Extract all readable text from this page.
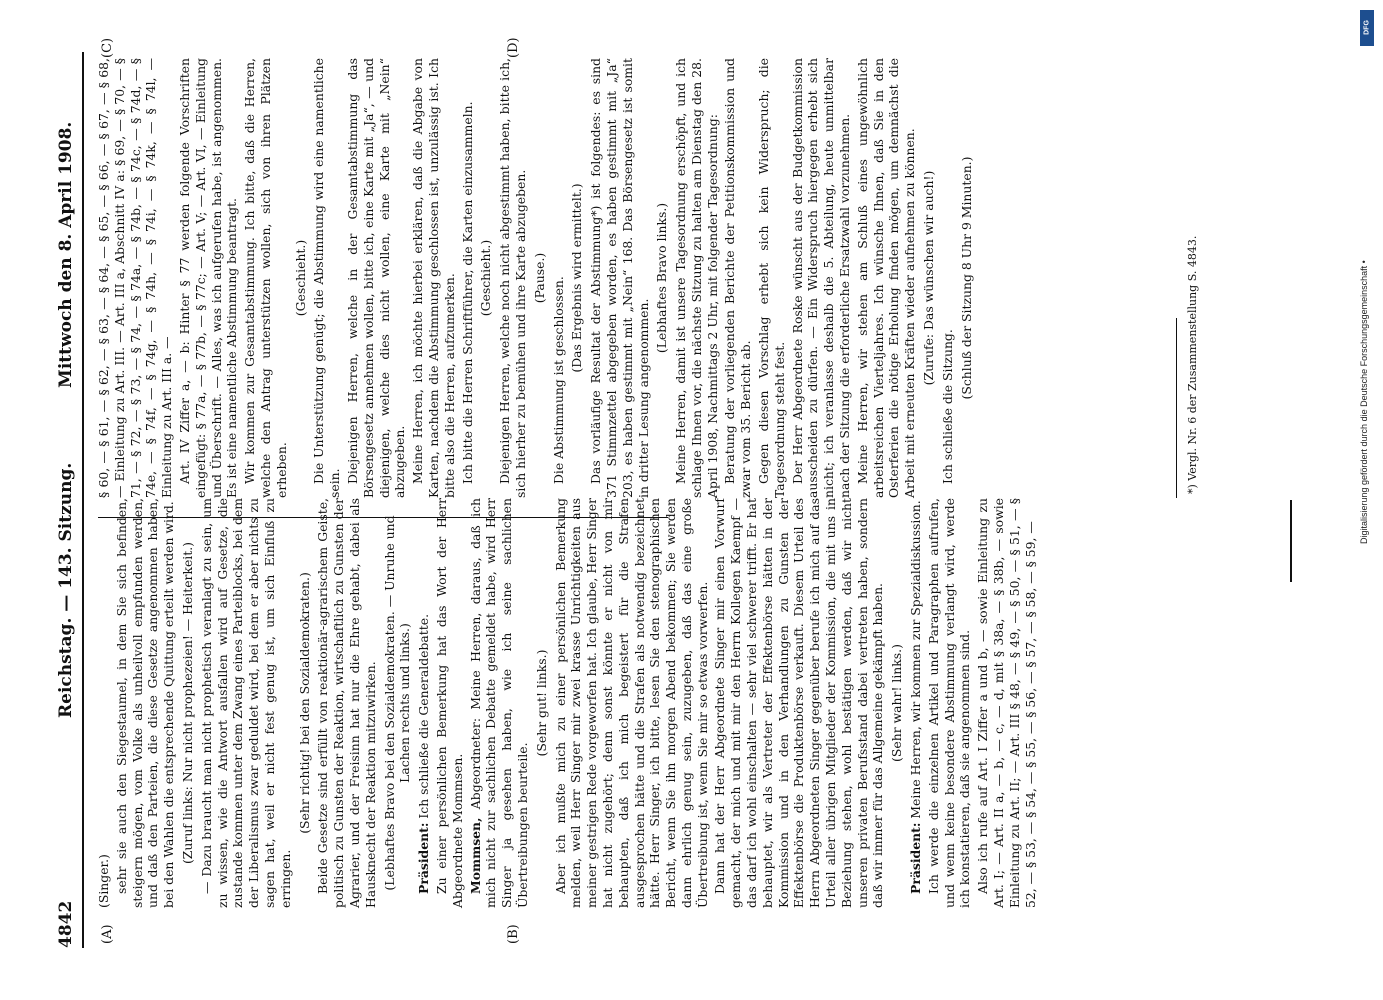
4842
Reichstag. — 143. Sitzung.
Mittwoch den 8. April 1908.
(A)	(B)
(C)	(D)

(Singer.) sehr sie auch den Siegestaumel, in dem Sie sich befinden, steigern mögen, vom Volke als unheilvoll empfunden werden, und daß den Parteien, die diese Gesetze angenommen haben, bei den Wahlen die entsprechende Quittung erteilt werden wird. (Zuruf links: Nur nicht prophezeien! — Heiterkeit.) — Dazu braucht man nicht prophetisch veranlagt zu sein, um zu wissen, wie die Antwort ausfallen wird auf Gesetze, die zustande kommen unter dem Zwang eines Parteiblocks, bei dem der Liberalismus zwar geduldet wird, bei dem er aber nichts zu sagen hat, weil er nicht fest genug ist, um sich Einfluß zu erringen.

(Sehr richtig! bei den Sozialdemokraten.) Beide Gesetze sind erfüllt von reaktionär-agrarischem Geiste, politisch zu Gunsten der Reaktion, wirtschaftlich zu Gunsten der Agrarier, und der Freisinn hat nur die Ehre gehabt, dabei als Hausknecht der Reaktion mitzuwirken. (Lebhaftes Bravo bei den Sozialdemokraten. — Unruhe und Lachen rechts und links.)

Präsident: Ich schließe die Generaldebatte. Zu einer persönlichen Bemerkung hat das Wort der Herr Abgeordnete Mommsen. Mommsen, Abgeordneter: Meine Herren, daraus, daß ich mich nicht zur sachlichen Debatte gemeldet habe, wird Herr Singer ja gesehen haben, wie ich seine sachlichen Übertreibungen beurteile.

(Sehr gut! links.) Aber ich mußte mich zu einer persönlichen Bemerkung melden, weil Herr Singer mir zwei krasse Unrichtigkeiten aus meiner gestrigen Rede vorgeworfen hat. Ich glaube, Herr Singer hat nicht zugehört; denn sonst könnte er nicht von mir behaupten, daß ich mich begeistert für die Strafen ausgesprochen hätte und die Strafen als notwendig bezeichnet hätte. Herr Singer, ich bitte, lesen Sie den stenographischen Bericht, wenn Sie ihn morgen Abend bekommen; Sie werden dann ehrlich genug sein, zuzugeben, daß das eine große Übertreibung ist, wenn Sie mir so etwas vorwerfen. Dann hat der Herr Abgeordnete Singer mir einen Vorwurf gemacht, der mich und mit mir den Herrn Kollegen Kaempf — das darf ich wohl einschalten — sehr viel schwerer trifft. Er hat behauptet, wir als Vertreter der Effektenbörse hätten in der Kommission und in den Verhandlungen zu Gunsten der Effektenbörse die Produktenbörse verkauft. Diesem Urteil des Herrn Abgeordneten Singer gegenüber berufe ich mich auf das Urteil aller übrigen Mitglieder der Kommission, die mit uns in Beziehung stehen, wohl bestätigen werden, daß wir nicht unseren privaten Berufsstand dabei vertreten haben, sondern daß wir immer für das Allgemeine gekämpft haben. (Sehr wahr! links.)

Präsident: Meine Herren, wir kommen zur Spezialdiskussion. Ich werde die einzelnen Artikel und Paragraphen aufrufen, und wenn keine besondere Abstimmung verlangt wird, werde ich konstatieren, daß sie angenommen sind. Also ich rufe auf Art. I Ziffer a und b, — sowie Einleitung zu Art. I; — Art. II a, — b, — c, — d, mit § 38a, — § 38b, — sowie Einleitung zu Art. II; — Art. III § 48, — § 49, — § 50, — § 51, — § 52, — § 53, — § 54, — § 55, — § 56, — § 57, — § 58, — § 59, —

§ 60, — § 61, — § 62, — § 63, — § 64, — § 65, — § 66, — § 67, — § 68, — Einleitung zu Art. III. — Art. III a, Abschnitt IV a: § 69, — § 70, — § 71, — § 72, — § 73, — § 74, — § 74a, — § 74b, — § 74c, — § 74d, — § 74e, — § 74f, — § 74g, — § 74h, — § 74i, — § 74k, — § 74l, — Einleitung zu Art. III a. — Art. IV Ziffer a, — b: Hinter § 77 werden folgende Vorschriften eingefügt: § 77a, — § 77b, — § 77c; — Art. V; — Art. VI, — Einleitung und Überschrift. — Alles, was ich aufgerufen habe, ist angenommen. Es ist eine namentliche Abstimmung beantragt. Wir kommen zur Gesamtabstimmung. Ich bitte, daß die Herren, welche den Antrag unterstützen wollen, sich von ihren Plätzen erheben.

(Geschieht.) Die Unterstützung genügt; die Abstimmung wird eine namentliche sein. Diejenigen Herren, welche in der Gesamtabstimmung das Börsengesetz annehmen wollen, bitte ich, eine Karte mit „Ja“, — und diejenigen, welche dies nicht wollen, eine Karte mit „Nein“ abzugeben. Meine Herren, ich möchte hierbei erklären, daß die Abgabe von Karten, nachdem die Abstimmung geschlossen ist, unzulässig ist. Ich bitte also die Herren, aufzumerken. Ich bitte die Herren Schriftführer, die Karten einzusammeln. (Geschieht.) Diejenigen Herren, welche noch nicht abgestimmt haben, bitte ich, sich hierher zu bemühen und ihre Karte abzugeben. (Pause.) Die Abstimmung ist geschlossen. (Das Ergebnis wird ermittelt.) Das vorläufige Resultat der Abstimmung*) ist folgendes: es sind 371 Stimmzettel abgegeben worden, es haben gestimmt mit „Ja“ 203, es haben gestimmt mit „Nein“ 168. Das Börsengesetz ist somit in dritter Lesung angenommen.

(Lebhaftes Bravo links.) Meine Herren, damit ist unsere Tagesordnung erschöpft, und ich schlage Ihnen vor, die nächste Sitzung zu halten am Dienstag den 28. April 1908, Nachmittags 2 Uhr, mit folgender Tagesordnung: Beratung der vorliegenden Berichte der Petitionskommission und zwar vom 35. Bericht ab. Gegen diesen Vorschlag erhebt sich kein Widerspruch; die Tagesordnung steht fest. Der Herr Abgeordnete Roske wünscht aus der Budgetkommission ausscheiden zu dürfen. — Ein Widerspruch hiergegen erhebt sich nicht; ich veranlasse deshalb die 5. Abteilung, heute unmittelbar nach der Sitzung die erforderliche Ersatzwahl vorzunehmen. Meine Herren, wir stehen am Schluß eines ungewöhnlich arbeitsreichen Vierteljahres. Ich wünsche Ihnen, daß Sie in den Osterferien die nötige Erholung finden mögen, um demnächst die Arbeit mit erneuten Kräften wieder aufnehmen zu können. (Zurufe: Das wünschen wir auch!)

Ich schließe die Sitzung.

(Schluß der Sitzung 8 Uhr 9 Minuten.)	*) Vergl. Nr. 6 der Zusammenstellung S. 4843.
DFG
Digitalisierung gefördert durch die Deutsche Forschungsgemeinschaft •
